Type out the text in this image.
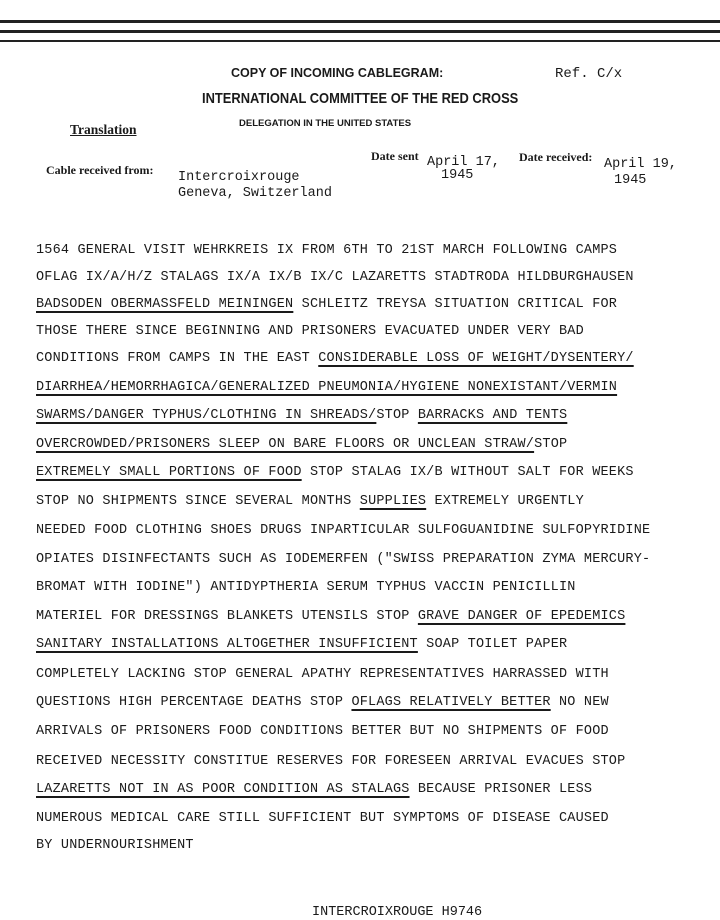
COPY OF INCOMING CABLEGRAM:	Ref. C/x
INTERNATIONAL COMMITTEE OF THE RED CROSS
DELEGATION IN THE UNITED STATES
Translation
Cable received from: Intercroixrouge
Geneva, Switzerland
Date sent April 17,
1945
Date received: April 19,
1945
1564 GENERAL VISIT WEHRKREIS IX FROM 6TH TO 21ST MARCH FOLLOWING CAMPS
OFLAG IX/A/H/Z STALAGS IX/A IX/B IX/C LAZARETTS STADTRODA HILDBURGHAUSEN
BADSODEN OBERMASSFELD MEININGEN SCHLEITZ TREYSA SITUATION CRITICAL FOR
THOSE THERE SINCE BEGINNING AND PRISONERS EVACUATED UNDER VERY BAD
CONDITIONS FROM CAMPS IN THE EAST CONSIDERABLE LOSS OF WEIGHT/DYSENTERY/
DIARRHEA/HEMORRHAGICA/GENERALIZED PNEUMONIA/HYGIENE NONEXISTANT/VERMIN
SWARMS/DANGER TYPHUS/CLOTHING IN SHREADS/STOP BARRACKS AND TENTS
OVERCROWDED/PRISONERS SLEEP ON BARE FLOORS OR UNCLEAN STRAW/STOP
EXTREMELY SMALL PORTIONS OF FOOD STOP STALAG IX/B WITHOUT SALT FOR WEEKS
STOP NO SHIPMENTS SINCE SEVERAL MONTHS SUPPLIES EXTREMELY URGENTLY
NEEDED FOOD CLOTHING SHOES DRUGS INPARTICULAR SULFOGUANIDINE SULFOPYRIDINE
OPIATES DISINFECTANTS SUCH AS IODEMERFEN ("SWISS PREPARATION ZYMA MERCURY-
BROMAT WITH IODINE") ANTIDYPTHERIA SERUM TYPHUS VACCIN PENICILLIN
MATERIEL FOR DRESSINGS BLANKETS UTENSILS STOP GRAVE DANGER OF EPEDEMICS
SANITARY INSTALLATIONS ALTOGETHER INSUFFICIENT SOAP TOILET PAPER
COMPLETELY LACKING STOP GENERAL APATHY REPRESENTATIVES HARRASSED WITH
QUESTIONS HIGH PERCENTAGE DEATHS STOP OFLAGS RELATIVELY BETTER NO NEW
ARRIVALS OF PRISONERS FOOD CONDITIONS BETTER BUT NO SHIPMENTS OF FOOD
RECEIVED NECESSITY CONSTITUE RESERVES FOR FORESEEN ARRIVAL EVACUES STOP
LAZARETTS NOT IN AS POOR CONDITION AS STALAGS BECAUSE PRISONER LESS
NUMEROUS MEDICAL CARE STILL SUFFICIENT BUT SYMPTOMS OF DISEASE CAUSED
BY UNDERNOURISHMENT
INTERCROIXROUGE H9746
